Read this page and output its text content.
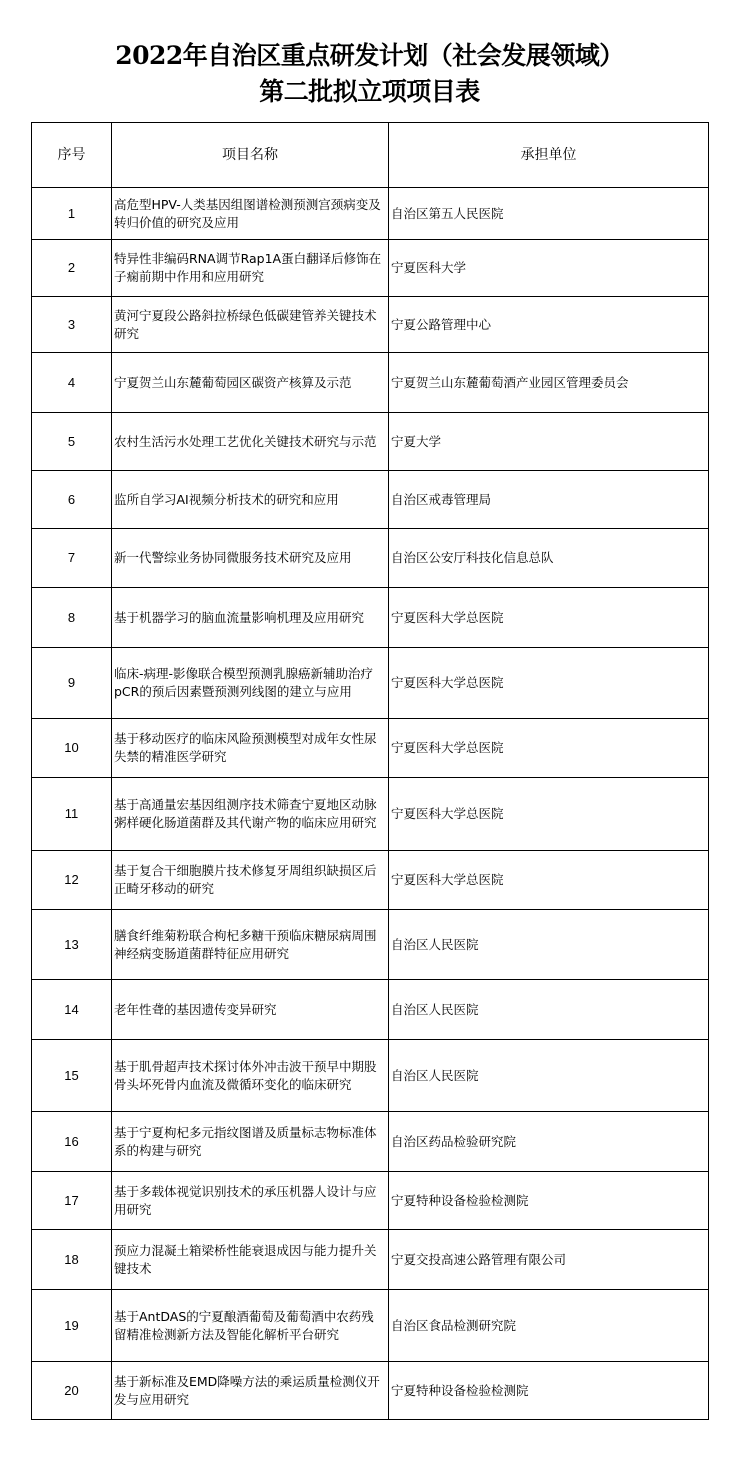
2022年自治区重点研发计划（社会发展领域）
第二批拟立项项目表
序号	项目名称	承担单位
1	高危型HPV-人类基因组图谱检测预测宫颈病变及转归价值的研究及应用	自治区第五人民医院
2	特异性非编码RNA调节Rap1A蛋白翻译后修饰在子痫前期中作用和应用研究	宁夏医科大学
3	黄河宁夏段公路斜拉桥绿色低碳建管养关键技术研究	宁夏公路管理中心
4	宁夏贺兰山东麓葡萄园区碳资产核算及示范	宁夏贺兰山东麓葡萄酒产业园区管理委员会
5	农村生活污水处理工艺优化关键技术研究与示范	宁夏大学
6	监所自学习AI视频分析技术的研究和应用	自治区戒毒管理局
7	新一代警综业务协同微服务技术研究及应用	自治区公安厅科技化信息总队
8	基于机器学习的脑血流量影响机理及应用研究	宁夏医科大学总医院
9	临床-病理-影像联合模型预测乳腺癌新辅助治疗pCR的预后因素暨预测列线图的建立与应用	宁夏医科大学总医院
10	基于移动医疗的临床风险预测模型对成年女性尿失禁的精准医学研究	宁夏医科大学总医院
11	基于高通量宏基因组测序技术筛查宁夏地区动脉粥样硬化肠道菌群及其代谢产物的临床应用研究	宁夏医科大学总医院
12	基于复合干细胞膜片技术修复牙周组织缺损区后正畸牙移动的研究	宁夏医科大学总医院
13	膳食纤维菊粉联合枸杞多糖干预临床糖尿病周围神经病变肠道菌群特征应用研究	自治区人民医院
14	老年性聋的基因遗传变异研究	自治区人民医院
15	基于肌骨超声技术探讨体外冲击波干预早中期股骨头坏死骨内血流及微循环变化的临床研究	自治区人民医院
16	基于宁夏枸杞多元指纹图谱及质量标志物标准体系的构建与研究	自治区药品检验研究院
17	基于多载体视觉识别技术的承压机器人设计与应用研究	宁夏特种设备检验检测院
18	预应力混凝土箱梁桥性能衰退成因与能力提升关键技术	宁夏交投高速公路管理有限公司
19	基于AntDAS的宁夏酿酒葡萄及葡萄酒中农药残留精准检测新方法及智能化解析平台研究	自治区食品检测研究院
20	基于新标准及EMD降噪方法的乘运质量检测仪开发与应用研究	宁夏特种设备检验检测院
